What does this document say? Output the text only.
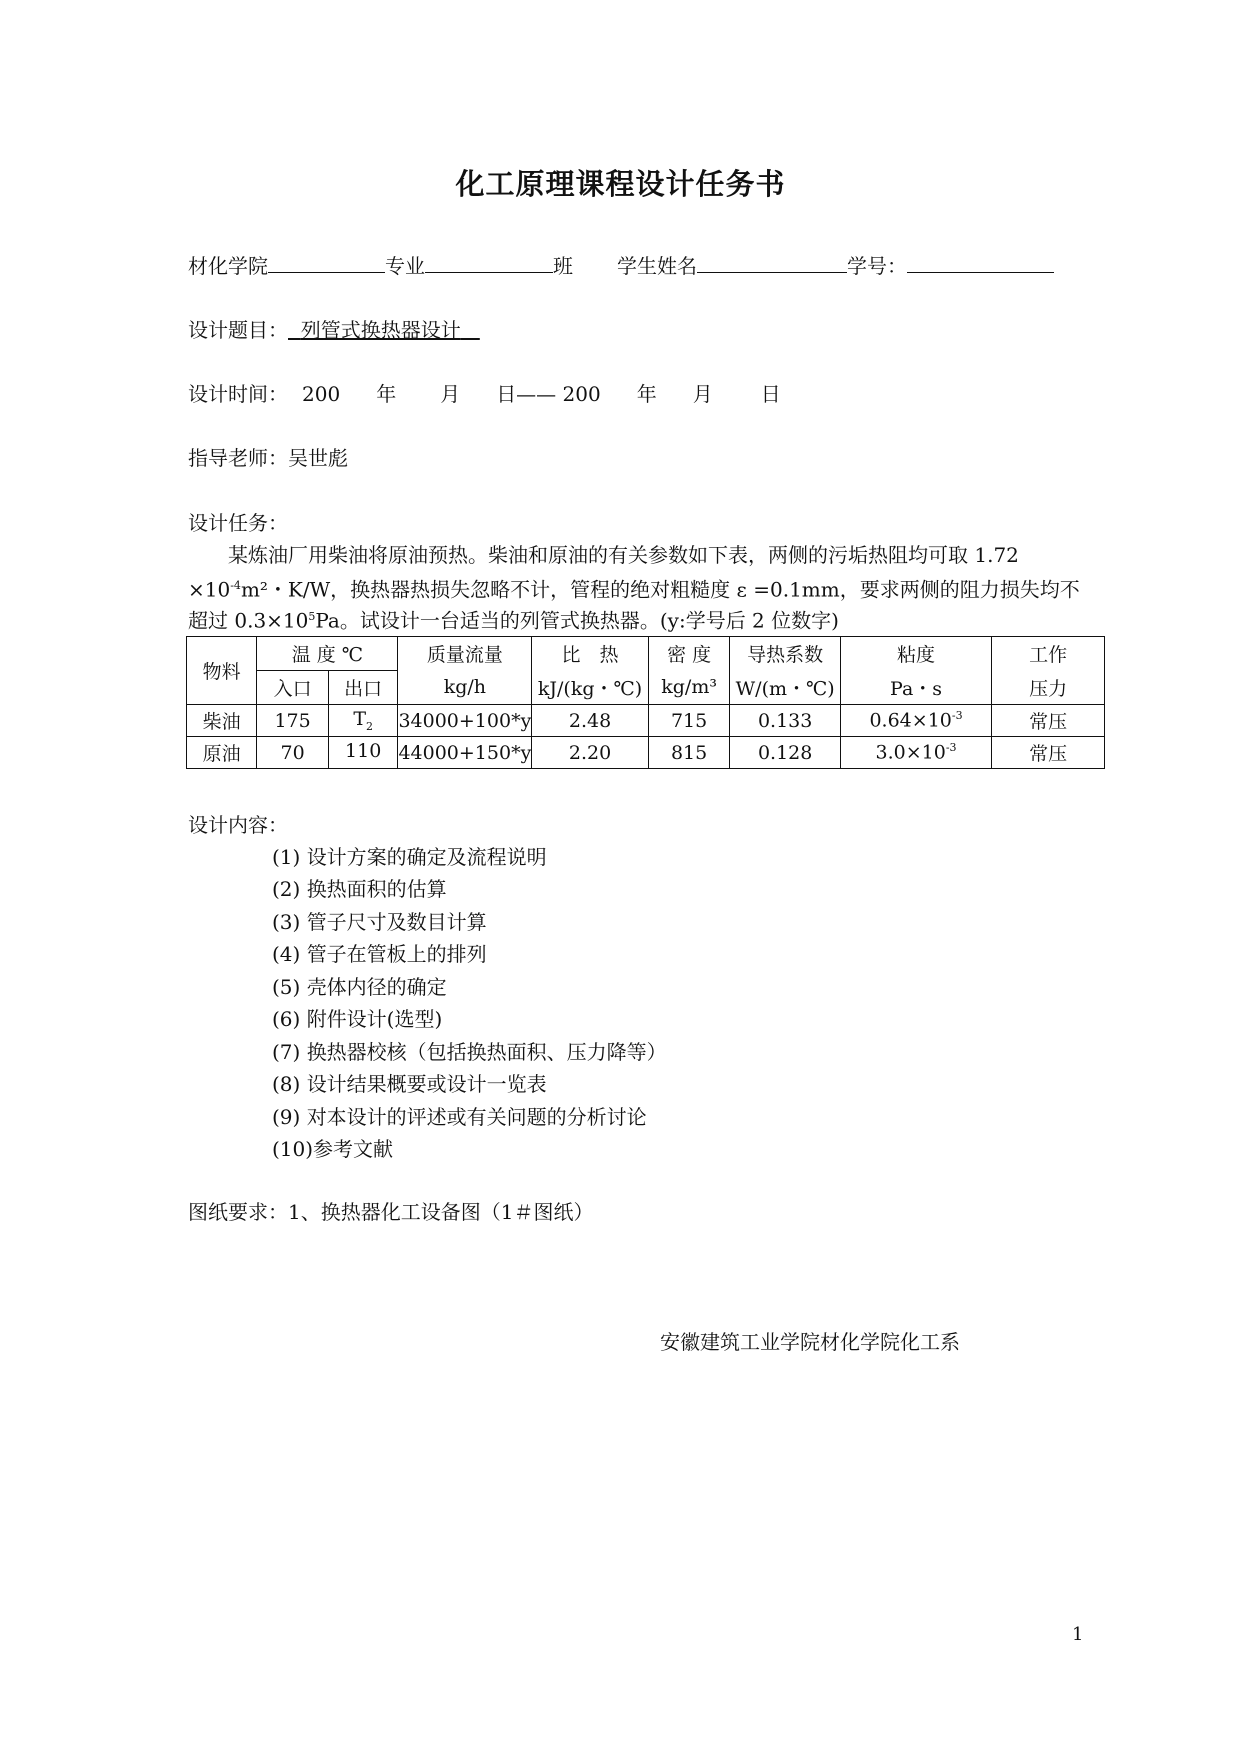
化工原理课程设计任务书
材化学院	专业	班 学生姓名	学号：
设计题目： 列管式换热器设计
设计时间： 200 年 月 日—— 200 年 月 日
指导老师：吴世彪
设计任务：
某炼油厂用柴油将原油预热。柴油和原油的有关参数如下表，两侧的污垢热阻均可取 1.72
$\times 10^{-4}m^2$・K/W，换热器热损失忽略不计，管程的绝对粗糙度 ε =0.1mm，要求两侧的阻力损失均不
超过 $0.3\times 10^5Pa$。试设计一台适当的列管式换热器。(y:学号后 2 位数字)
物料	温 度 ℃		质量流量	比　热	密 度	导热系数	粘度	工作
	入口	出口	kg/h	kJ/(kg・℃)	kg/m³	W/(m・℃)	Pa・s	压力
柴油	175	$T_2$	34000+100*y	2.48	715	0.133	$0.64\times 10^{-3}$	常压
原油	70	110	44000+150*y	2.20	815	0.128	$3.0\times 10^{-3}$	常压
设计内容：
(1) 设计方案的确定及流程说明
(2) 换热面积的估算
(3) 管子尺寸及数目计算
(4) 管子在管板上的排列
(5) 壳体内径的确定
(6) 附件设计(选型)
(7) 换热器校核（包括换热面积、压力降等）
(8) 设计结果概要或设计一览表
(9) 对本设计的评述或有关问题的分析讨论
(10)参考文献
图纸要求：1、换热器化工设备图（1＃图纸）
安徽建筑工业学院材化学院化工系
1
